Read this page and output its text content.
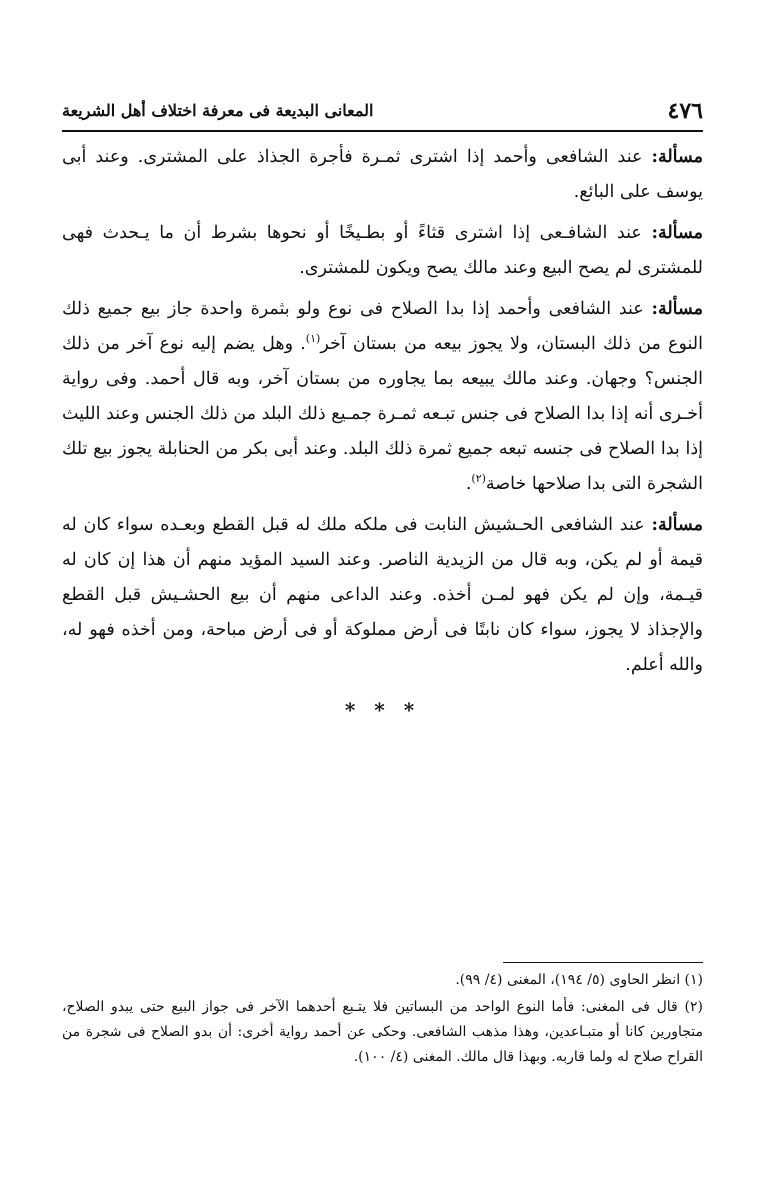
٤٧٦
المعانى البديعة فى معرفة اختلاف أهل الشريعة

مسألة: عند الشافعى وأحمد إذا اشترى ثمـرة فأجرة الجذاذ على المشترى. وعند أبى يوسف على البائع.

مسألة: عند الشافـعى إذا اشترى قثاءً أو بطـيخًا أو نحوها بشرط أن ما يـحدث فهى للمشترى لم يصح البيع وعند مالك يصح ويكون للمشترى.

مسألة: عند الشافعى وأحمد إذا بدا الصلاح فى نوع ولو بثمرة واحدة جاز بيع جميع ذلك النوع من ذلك البستان، ولا يجوز بيعه من بستان آخر$^{(١)}$. وهل يضم إليه نوع آخر من ذلك الجنس؟ وجهان. وعند مالك يبيعه بما يجاوره من بستان آخر، وبه قال أحمد. وفى رواية أخـرى أنه إذا بدا الصلاح فى جنس تبـعه ثمـرة جمـيع ذلك البلد من ذلك الجنس وعند الليث إذا بدا الصلاح فى جنسه تبعه جميع ثمرة ذلك البلد. وعند أبى بكر من الحنابلة يجوز بيع تلك الشجرة التى بدا صلاحها خاصة$^{(٢)}$.

مسألة: عند الشافعى الحـشيش النابت فى ملكه ملك له قبل القطع وبعـده سواء كان له قيمة أو لم يكن، وبه قال من الزيدية الناصر. وعند السيد المؤيد منهم أن هذا إن كان له قيـمة، وإن لم يكن فهو لمـن أخذه. وعند الداعى منهم أن بيع الحشـيش قبل القطع والإجذاذ لا يجوز، سواء كان نابتًا فى أرض مملوكة أو فى أرض مباحة، ومن أخذه فهو له، والله أعلم.

* * *

(١) انظر الحاوى (٥/ ١٩٤)، المغنى (٤/ ٩٩).

(٢) قال فى المغنى: فأما النوع الواحد من البساتين فلا يتـبع أحدهما الآخر فى جواز البيع حتى يبدو الصلاح، متجاورين كانا أو متبـاعدين، وهذا مذهب الشافعى. وحكى عن أحمد رواية أخرى: أن بدو الصلاح فى شجرة من القراح صلاح له ولما قاربه. وبهذا قال مالك. المغنى (٤/ ١٠٠).
